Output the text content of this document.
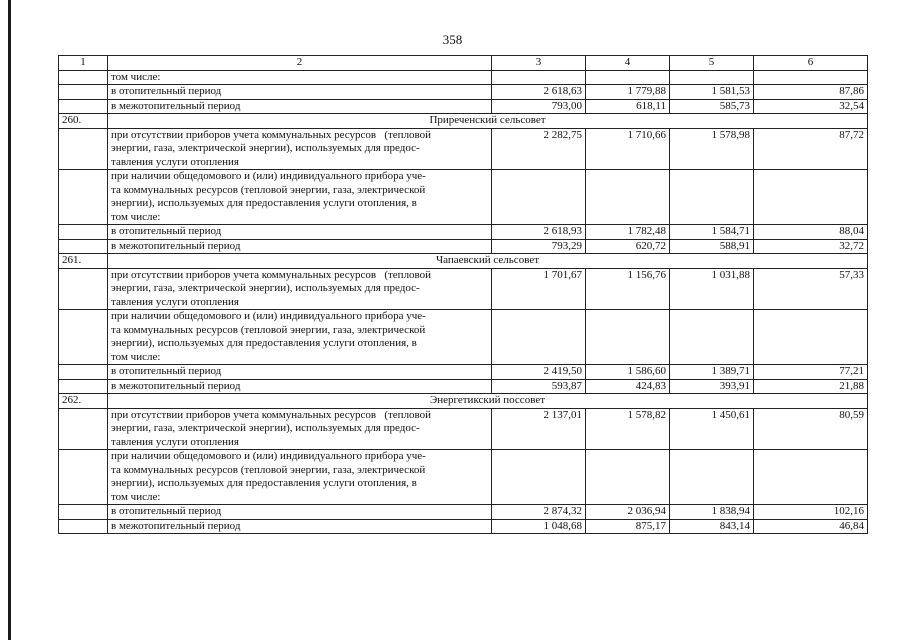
358
1	2	3	4	5	6
	том числе:				
	в отопительный период	2 618,63	1 779,88	1 581,53	87,86
	в межотопительный период	793,00	618,11	585,73	32,54
260.	Приреченский сельсовет				

	при отсутствии приборов учета коммунальных ресурсов   (тепловой
энергии, газа, электрической энергии), используемых для предос-
тавления услуги отопления	2 282,75	1 710,66	1 578,98	87,72

	при наличии общедомового и (или) индивидуального прибора уче-
та коммунальных ресурсов (тепловой энергии, газа, электрической
энергии), используемых для предоставления услуги отопления, в
том числе:				

	в отопительный период	2 618,93	1 782,48	1 584,71	88,04
	в межотопительный период	793,29	620,72	588,91	32,72
261.	Чапаевский сельсовет				

	при отсутствии приборов учета коммунальных ресурсов   (тепловой
энергии, газа, электрической энергии), используемых для предос-
тавления услуги отопления	1 701,67	1 156,76	1 031,88	57,33

	при наличии общедомового и (или) индивидуального прибора уче-
та коммунальных ресурсов (тепловой энергии, газа, электрической
энергии), используемых для предоставления услуги отопления, в
том числе:				

	в отопительный период	2 419,50	1 586,60	1 389,71	77,21
	в межотопительный период	593,87	424,83	393,91	21,88
262.	Энергетикский поссовет				

	при отсутствии приборов учета коммунальных ресурсов   (тепловой
энергии, газа, электрической энергии), используемых для предос-
тавления услуги отопления	2 137,01	1 578,82	1 450,61	80,59

	при наличии общедомового и (или) индивидуального прибора уче-
та коммунальных ресурсов (тепловой энергии, газа, электрической
энергии), используемых для предоставления услуги отопления, в
том числе:				

	в отопительный период	2 874,32	2 036,94	1 838,94	102,16
	в межотопительный период	1 048,68	875,17	843,14	46,84
